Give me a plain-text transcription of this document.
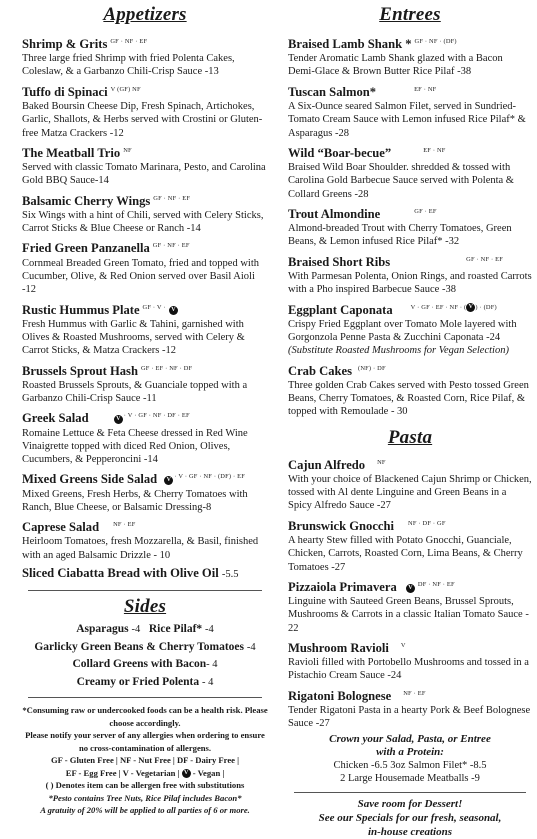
Appetizers
Shrimp & Grits $^{GF \cdot NF \cdot EF}$
Three large fried Shrimp with fried Polenta Cakes, Coleslaw, & a Garbanzo Chili-Crisp Sauce -13
Tuffo di Spinaci $^{V (GF) NF}$
Baked Boursin Cheese Dip, Fresh Spinach, Artichokes, Garlic, Shallots, & Herbs served with Crostini or Gluten-free Matza Crackers -12
The Meatball Trio $^{NF}$
Served with classic Tomato Marinara, Pesto, and Carolina Gold BBQ Sauce-14
Balsamic Cherry Wings $^{GF \cdot NF \cdot EF}$
Six Wings with a hint of Chili, served with Celery Sticks, Carrot Sticks & Blue Cheese or Ranch -14
Fried Green Panzanella $^{GF \cdot NF \cdot EF}$
Cornmeal Breaded Green Tomato, fried and topped with Cucumber, Olive, & Red Onion served over Basil Aioli -12
Rustic Hummus Plate $^{GF \cdot V \cdot}$ V
Fresh Hummus with Garlic & Tahini, garnished with Olives & Roasted Mushrooms, served with Celery & Carrot Sticks, & Matza Crackers -12
Brussels Sprout Hash $^{GF \cdot EF \cdot NF \cdot DF}$
Roasted Brussels Sprouts, & Guanciale topped with a Garbanzo Chili-Crisp Sauce -11
Greek Salad	V $^{\cdot V \cdot GF \cdot NF \cdot DF \cdot EF}$
Romaine Lettuce & Feta Cheese dressed in Red Wine Vinaigrette topped with diced Red Onion, Olives, Cucumbers, & Pepperoncini -14
Mixed Greens Side Salad V $^{\cdot V \cdot GF \cdot NF \cdot (DF) \cdot EF}$
Mixed Greens, Fresh Herbs, & Cherry Tomatoes with Ranch, Blue Cheese, or Balsamic Dressing-8
Caprese Salad $^{NF \cdot EF}$
Heirloom Tomatoes, fresh Mozzarella, & Basil, finished with an aged Balsamic Drizzle - 10
Sliced Ciabatta Bread with Olive Oil -5.5
Sides
Asparagus -4 Rice Pilaf* -4
Garlicky Green Beans & Cherry Tomatoes -4
Collard Greens with Bacon- 4
Creamy or Fried Polenta - 4
*Consuming raw or undercooked foods can be a health risk. Please choose accordingly.
Please notify your server of any allergies when ordering to ensure no cross-contamination of allergens.
GF - Gluten Free | NF - Nut Free | DF - Dairy Free |
EF - Egg Free | V - Vegetarian | V - Vegan |
( ) Denotes item can be allergen free with substitutions
*Pesto contains Tree Nuts, Rice Pilaf includes Bacon*
A gratuity of 20% will be applied to all parties of 6 or more.
Entrees
Braised Lamb Shank * $^{GF \cdot NF \cdot (DF)}$
Tender Aromatic Lamb Shank glazed with a Bacon Demi-Glace & Brown Butter Rice Pilaf -38
Tuscan Salmon*	$^{EF \cdot NF}$
A Six-Ounce seared Salmon Filet, served in Sundried-Tomato Cream Sauce with Lemon infused Rice Pilaf* & Asparagus -28
Wild “Boar-becue”	$^{EF \cdot NF}$
Braised Wild Boar Shoulder. shredded & tossed with Carolina Gold Barbecue Sauce served with Polenta & Collard Greens -28
Trout Almondine	$^{GF \cdot EF}$
Almond-breaded Trout with Cherry Tomatoes, Green Beans, & Lemon infused Rice Pilaf* -32
Braised Short Ribs	$^{GF \cdot NF \cdot EF}$
With Parmesan Polenta, Onion Rings, and roasted Carrots with a Pho inspired Barbecue Sauce -38
Eggplant Caponata	$^{V \cdot GF \cdot EF \cdot NF \cdot ( V ) \cdot (DF)}$
Crispy Fried Eggplant over Tomato Mole layered with Gorgonzola Penne Pasta & Zucchini Caponata -24 (Substitute Roasted Mushrooms for Vegan Selection)
Crab Cakes $^{(NF) \cdot DF}$
Three golden Crab Cakes served with Pesto tossed Green Beans, Cherry Tomatoes, & Roasted Corn, Rice Pilaf, & topped with Remoulade - 30
Pasta
Cajun Alfredo $^{NF}$
With your choice of Blackened Cajun Shrimp or Chicken, tossed with Al dente Linguine and Green Beans in a Spicy Alfredo Sauce -27
Brunswick Gnocchi $^{NF \cdot DF \cdot GF}$
A hearty Stew filled with Potato Gnocchi, Guanciale, Chicken, Carrots, Roasted Corn, Lima Beans, & Cherry Tomatoes -27
Pizzaiola Primavera V $^{DF \cdot NF \cdot EF}$
Linguine with Sauteed Green Beans, Brussel Sprouts, Mushrooms & Carrots in a classic Italian Tomato Sauce - 22
Mushroom Ravioli $^V$
Ravioli filled with Portobello Mushrooms and tossed in a Pistachio Cream Sauce -24
Rigatoni Bolognese $^{NF \cdot EF}$
Tender Rigatoni Pasta in a hearty Pork & Beef Bolognese Sauce -27
Crown your Salad, Pasta, or Entree
with a Protein:
Chicken -6.5 3oz Salmon Filet* -8.5
2 Large Housemade Meatballs -9
Save room for Dessert!
See our Specials for our fresh, seasonal,
in-house creations
